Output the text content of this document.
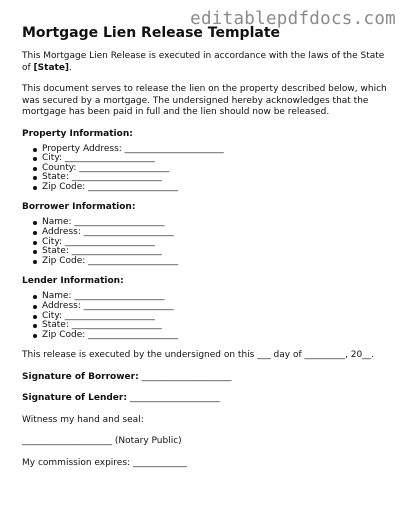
editablepdfdocs.com
Mortgage Lien Release Template

This Mortgage Lien Release is executed in accordance with the laws of the State of [State].

This document serves to release the lien on the property described below, which was secured by a mortgage. The undersigned hereby acknowledges that the mortgage has been paid in full and the lien should now be released.

Property Information:
Property Address: ______________________
City: ____________________
County: ____________________
State: ____________________
Zip Code: ____________________
Borrower Information:
Name: ____________________
Address: ____________________
City: ____________________
State: ____________________
Zip Code: ____________________
Lender Information:
Name: ____________________
Address: ____________________
City: ____________________
State: ____________________
Zip Code: ____________________

This release is executed by the undersigned on this ___ day of _________, 20__.

Signature of Borrower: ____________________

Signature of Lender: ____________________

Witness my hand and seal:

____________________ (Notary Public)

My commission expires: ____________
